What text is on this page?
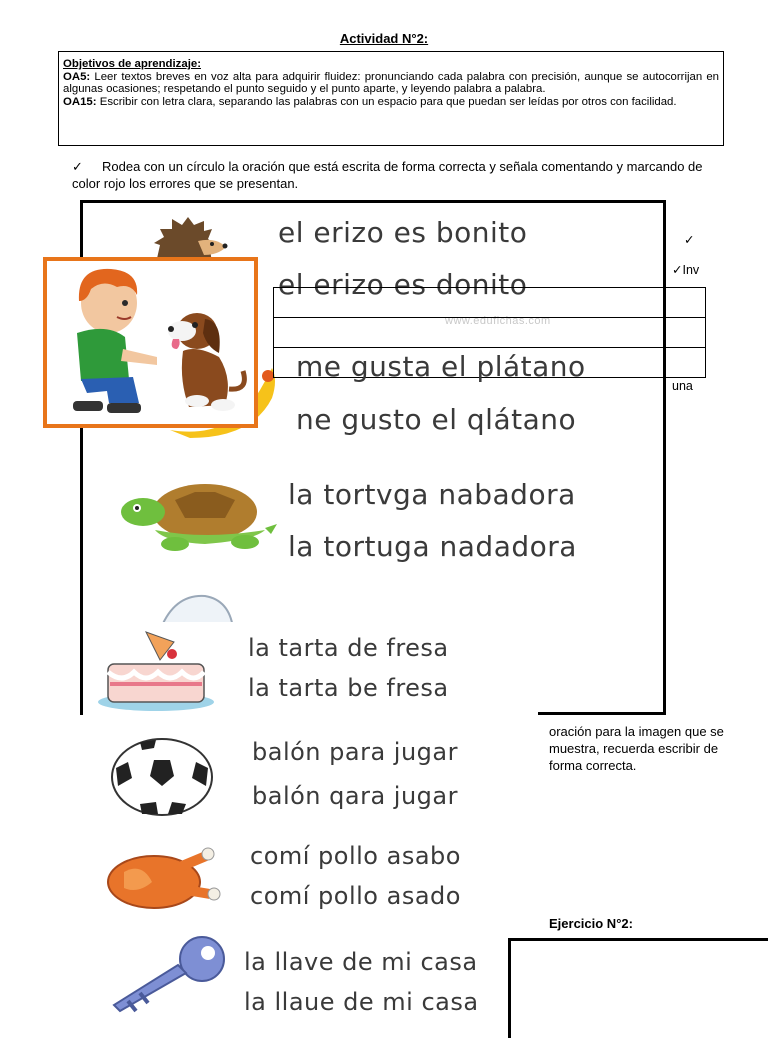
Actividad N°2:
Objetivos de aprendizaje:
OA5: Leer textos breves en voz alta para adquirir fluidez: pronunciando cada palabra con precisión, aunque se autocorrijan en algunas ocasiones; respetando el punto seguido y el punto aparte, y leyendo palabra a palabra.
OA15: Escribir con letra clara, separando las palabras con un espacio para que puedan ser leídas por otros con facilidad.
✓ Rodea con un círculo la oración que está escrita de forma correcta y señala comentando y marcando de color rojo los errores que se presentan.
el erizo es bonito
el erizo es donito
www.edufichas.com

me gusta el plátano
ne gusto el qlátano
la tortvga nabadora
la tortuga nadadora
la tarta de fresa
la tarta be fresa
balón para jugar
balón qara jugar
comí pollo asabo
comí pollo asado
la llave de mi casa
la llaue de mi casa
✓
✓Inv
una
oración para la imagen que se muestra, recuerda escribir de forma correcta.
Ejercicio N°2:
